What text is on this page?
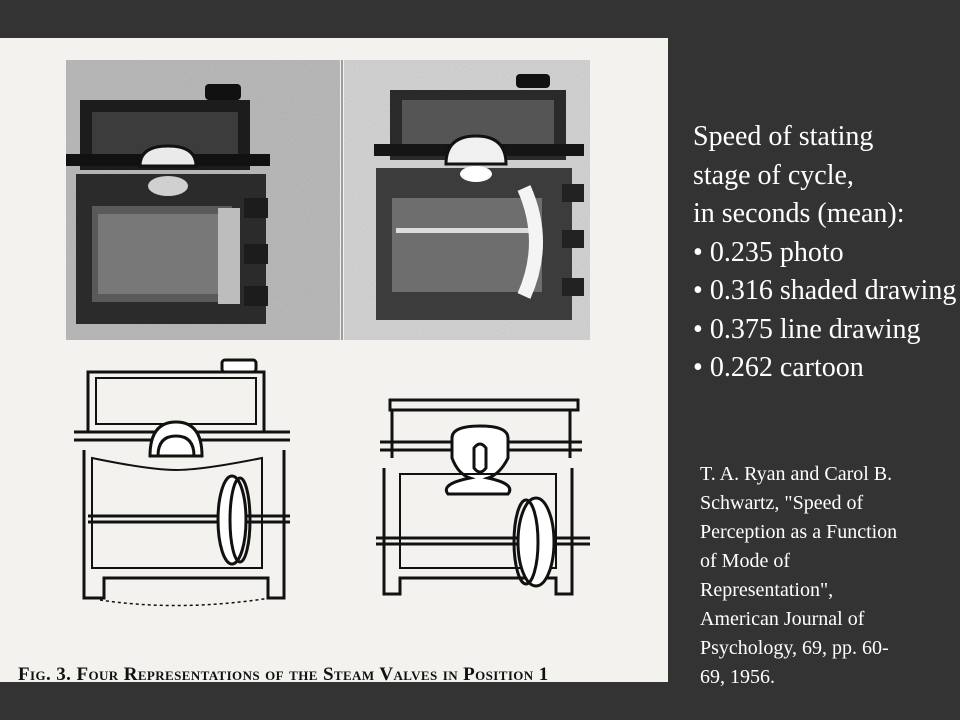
Fig. 3. Four Representations of the Steam Valves in Position 1
Speed of stating
stage of cycle,
in seconds (mean):
• 0.235 photo
• 0.316 shaded drawing
• 0.375 line drawing
• 0.262 cartoon
T. A. Ryan and Carol B.
Schwartz, "Speed of
Perception as a Function
of Mode of
Representation",
American Journal of
Psychology, 69, pp. 60-
69, 1956.
